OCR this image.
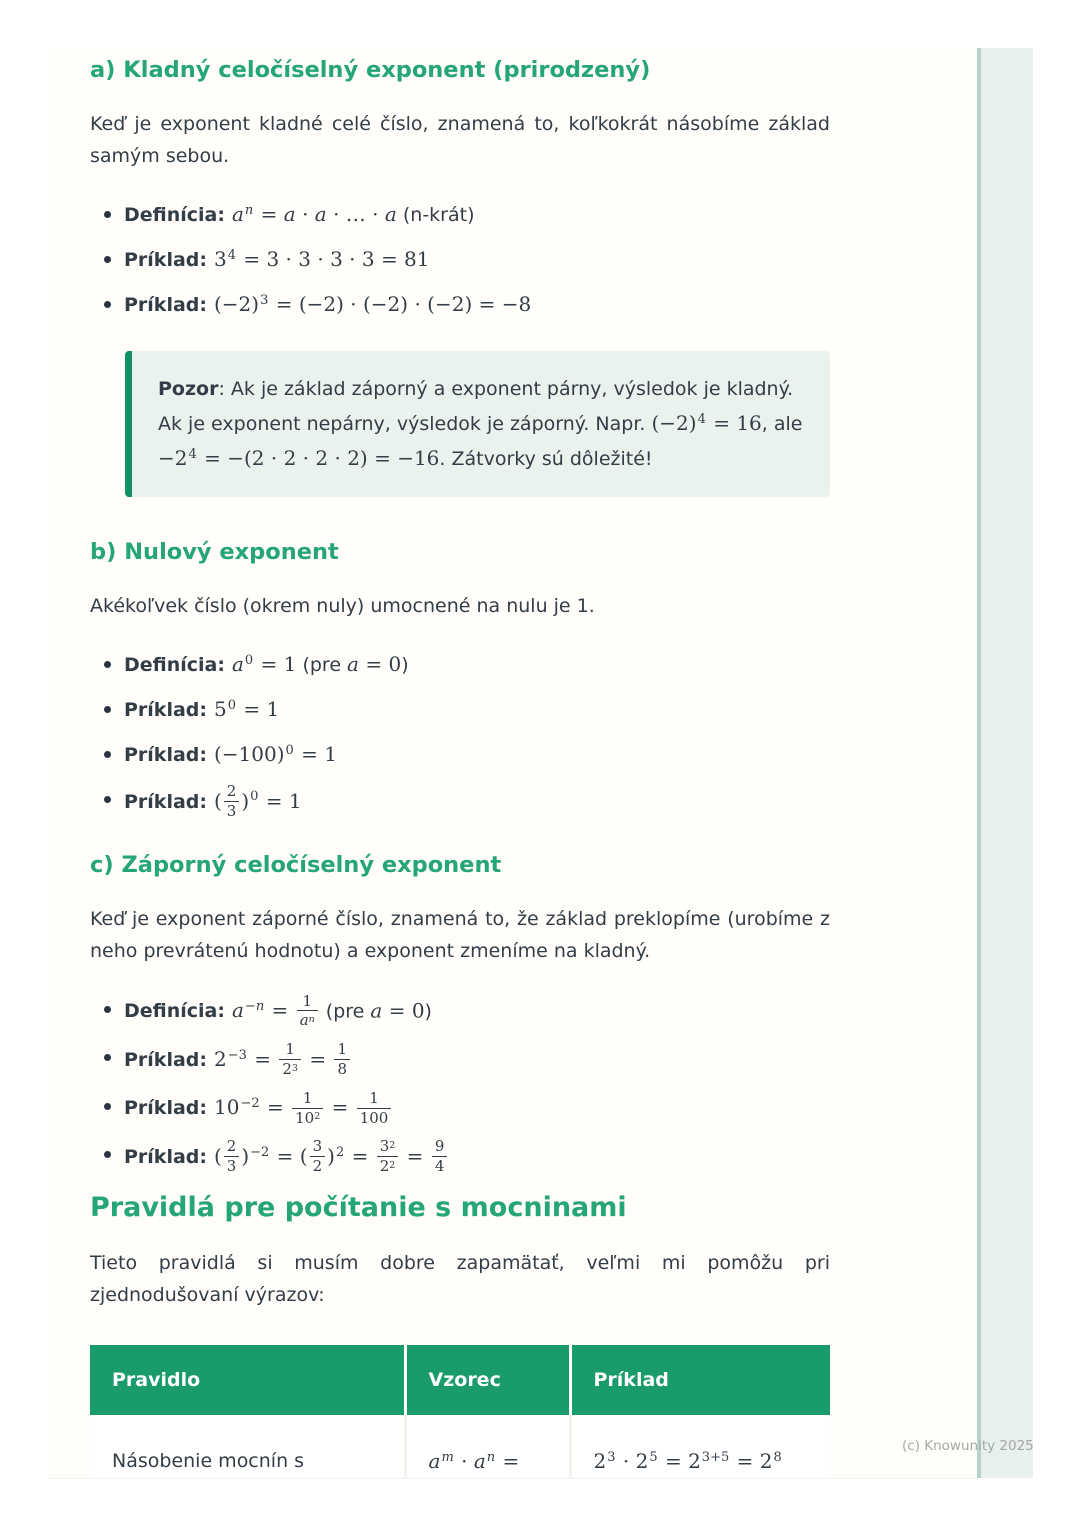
a) Kladný celočíselný exponent (prirodzený)

Keď je exponent kladné celé číslo, znamená to, koľkokrát násobíme základ samým sebou.

Definícia: $a^n = a \cdot a$ · … · a (n-krát)
Príklad: $3^4 = 3 \cdot 3 \cdot 3 \cdot 3 = 81$
Príklad: $(-2)^3 = (-2) \cdot (-2) \cdot (-2) = -8$
Pozor: Ak je základ záporný a exponent párny, výsledok je kladný. Ak je exponent nepárny, výsledok je záporný. Napr. $(-2)^4 = 16$, ale $-2^4 = -(2 \cdot 2 \cdot 2 \cdot 2) = -16$. Zátvorky sú dôležité!
b) Nulový exponent

Akékoľvek číslo (okrem nuly) umocnené na nulu je 1.

Definícia: $a^0 = 1$ (pre a = 0)
Príklad: $5^0 = 1$
Príklad: $(-100)^0 = 1$
Príklad: ( $\frac{2}{3} )^0 = 1$
c) Záporný celočíselný exponent

Keď je exponent záporné číslo, znamená to, že základ preklopíme (urobíme z neho prevrátenú hodnotu) a exponent zmeníme na kladný.

Definícia: $a^{-n} = \frac{1}{a^n} (pre$ a = 0)
Príklad: $2^{-3} = \frac{1}{2^3} = \frac{1}{8}$
Príklad: $10^{-2} = \frac{1}{10^2} = \frac{1}{100}$
Príklad: ( $\frac{2}{3} )^{-2}$ = ( $\frac{3}{2} )^2 = \frac{3^2}{2^2} = \frac{9}{4}$
Pravidlá pre počítanie s mocninami

Tieto pravidlá si musím dobre zapamätať, veľmi mi pomôžu pri zjednodušovaní výrazov:

Pravidlo	Vzorec	Príklad
Násobenie mocnín s	$a^m \cdot a^n$ =	$2^3 \cdot 2^5 = 2^{3+5} = 2^8$
(c) Knowunity 2025
